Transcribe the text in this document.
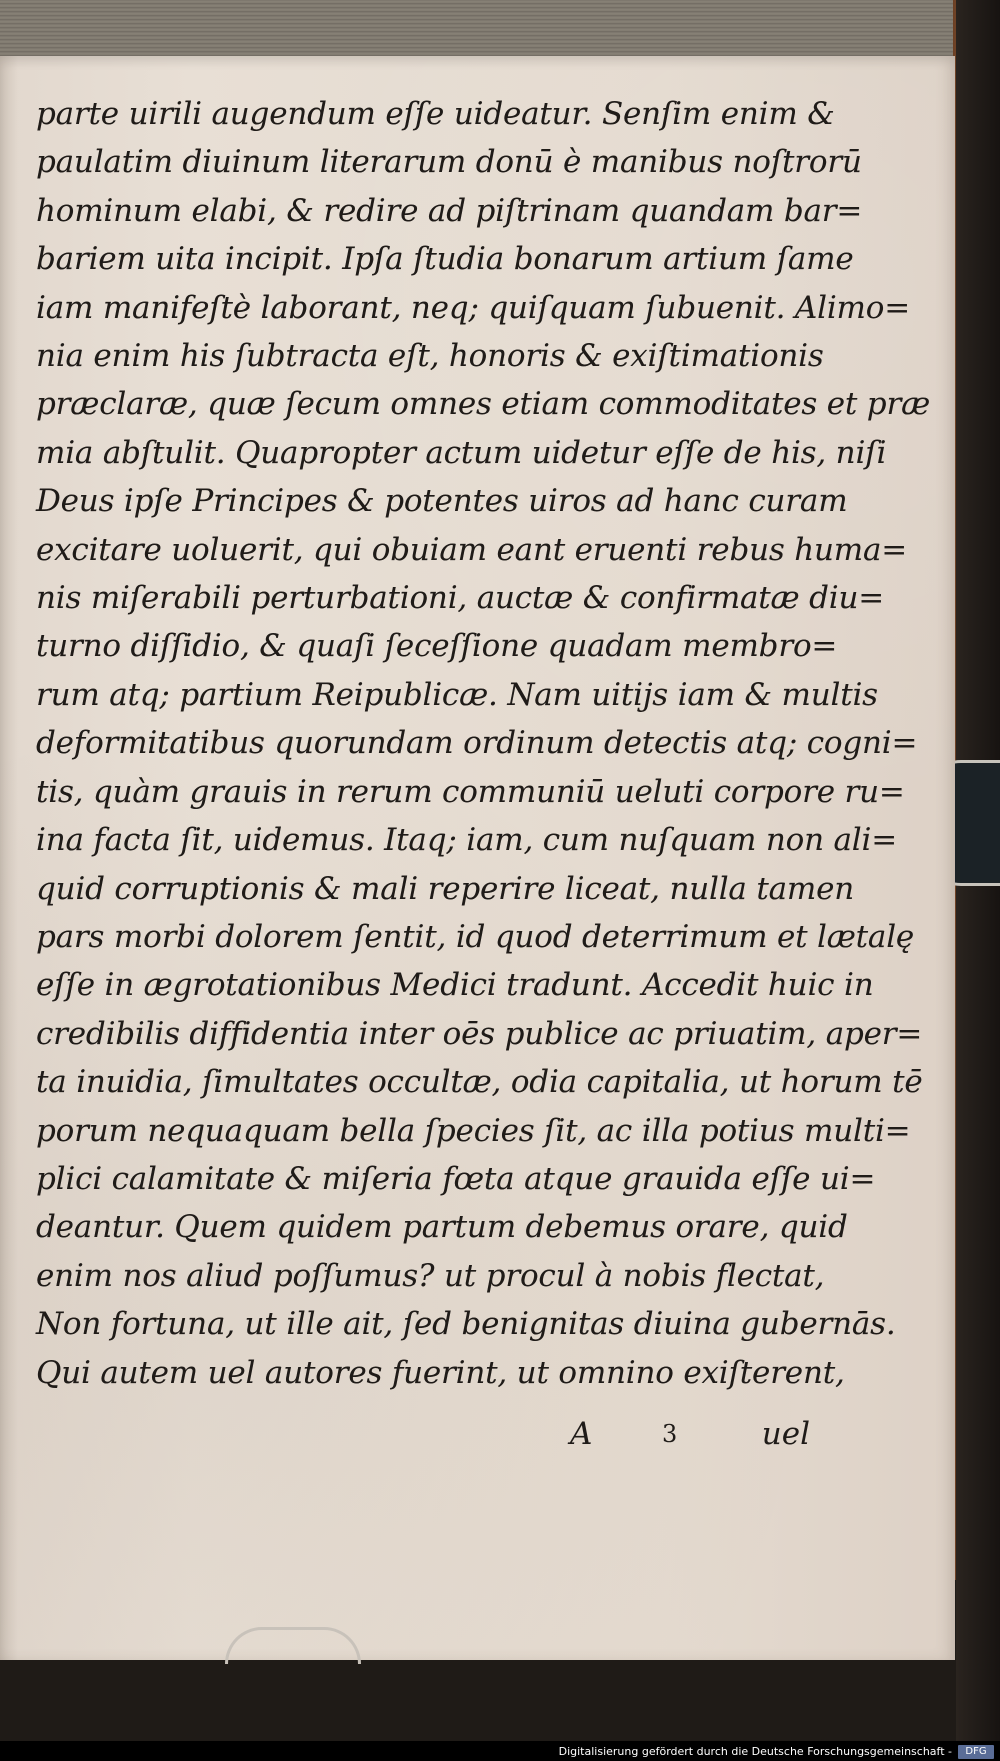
parte uirili augendum eſſe uideatur. Senſim enim &
paulatim diuinum literarum donū è manibus noſtrorū
hominum elabi, & redire ad piſtrinam quandam bar=
bariem uita incipit. Ipſa ſtudia bonarum artium ſame
iam manifeſtè laborant, neq; quiſquam ſubuenit. Alimo=
nia enim his ſubtracta eſt, honoris & exiſtimationis
præclaræ, quæ ſecum omnes etiam commoditates et præ
mia abſtulit. Quapropter actum uidetur eſſe de his, niſi
Deus ipſe Principes & potentes uiros ad hanc curam
excitare uoluerit, qui obuiam eant eruenti rebus huma=
nis miſerabili perturbationi, auctæ & confirmatæ diu=
turno diſſidio, & quaſi ſeceſſione quadam membro=
rum atq; partium Reipublicæ. Nam uitijs iam & multis
deformitatibus quorundam ordinum detectis atq; cogni=
tis, quàm grauis in rerum communiū ueluti corpore ru=
ina facta ſit, uidemus. Itaq; iam, cum nuſquam non ali=
quid corruptionis & mali reperire liceat, nulla tamen
pars morbi dolorem ſentit, id quod deterrimum et lætalę
eſſe in ægrotationibus Medici tradunt. Accedit huic in
credibilis diffidentia inter oēs publice ac priuatim, aper=
ta inuidia, ſimultates occultæ, odia capitalia, ut horum tē
porum nequaquam bella ſpecies ſit, ac illa potius multi=
plici calamitate & miſeria fœta atque grauida eſſe ui=
deantur. Quem quidem partum debemus orare, quid
enim nos aliud poſſumus? ut procul à nobis flectat,
Non fortuna, ut ille ait, ſed benignitas diuina gubernās.
Qui autem uel autores fuerint, ut omnino exiſterent,
A	3	uel
Digitalisierung gefördert durch die Deutsche Forschungsgemeinschaft -	DFG
